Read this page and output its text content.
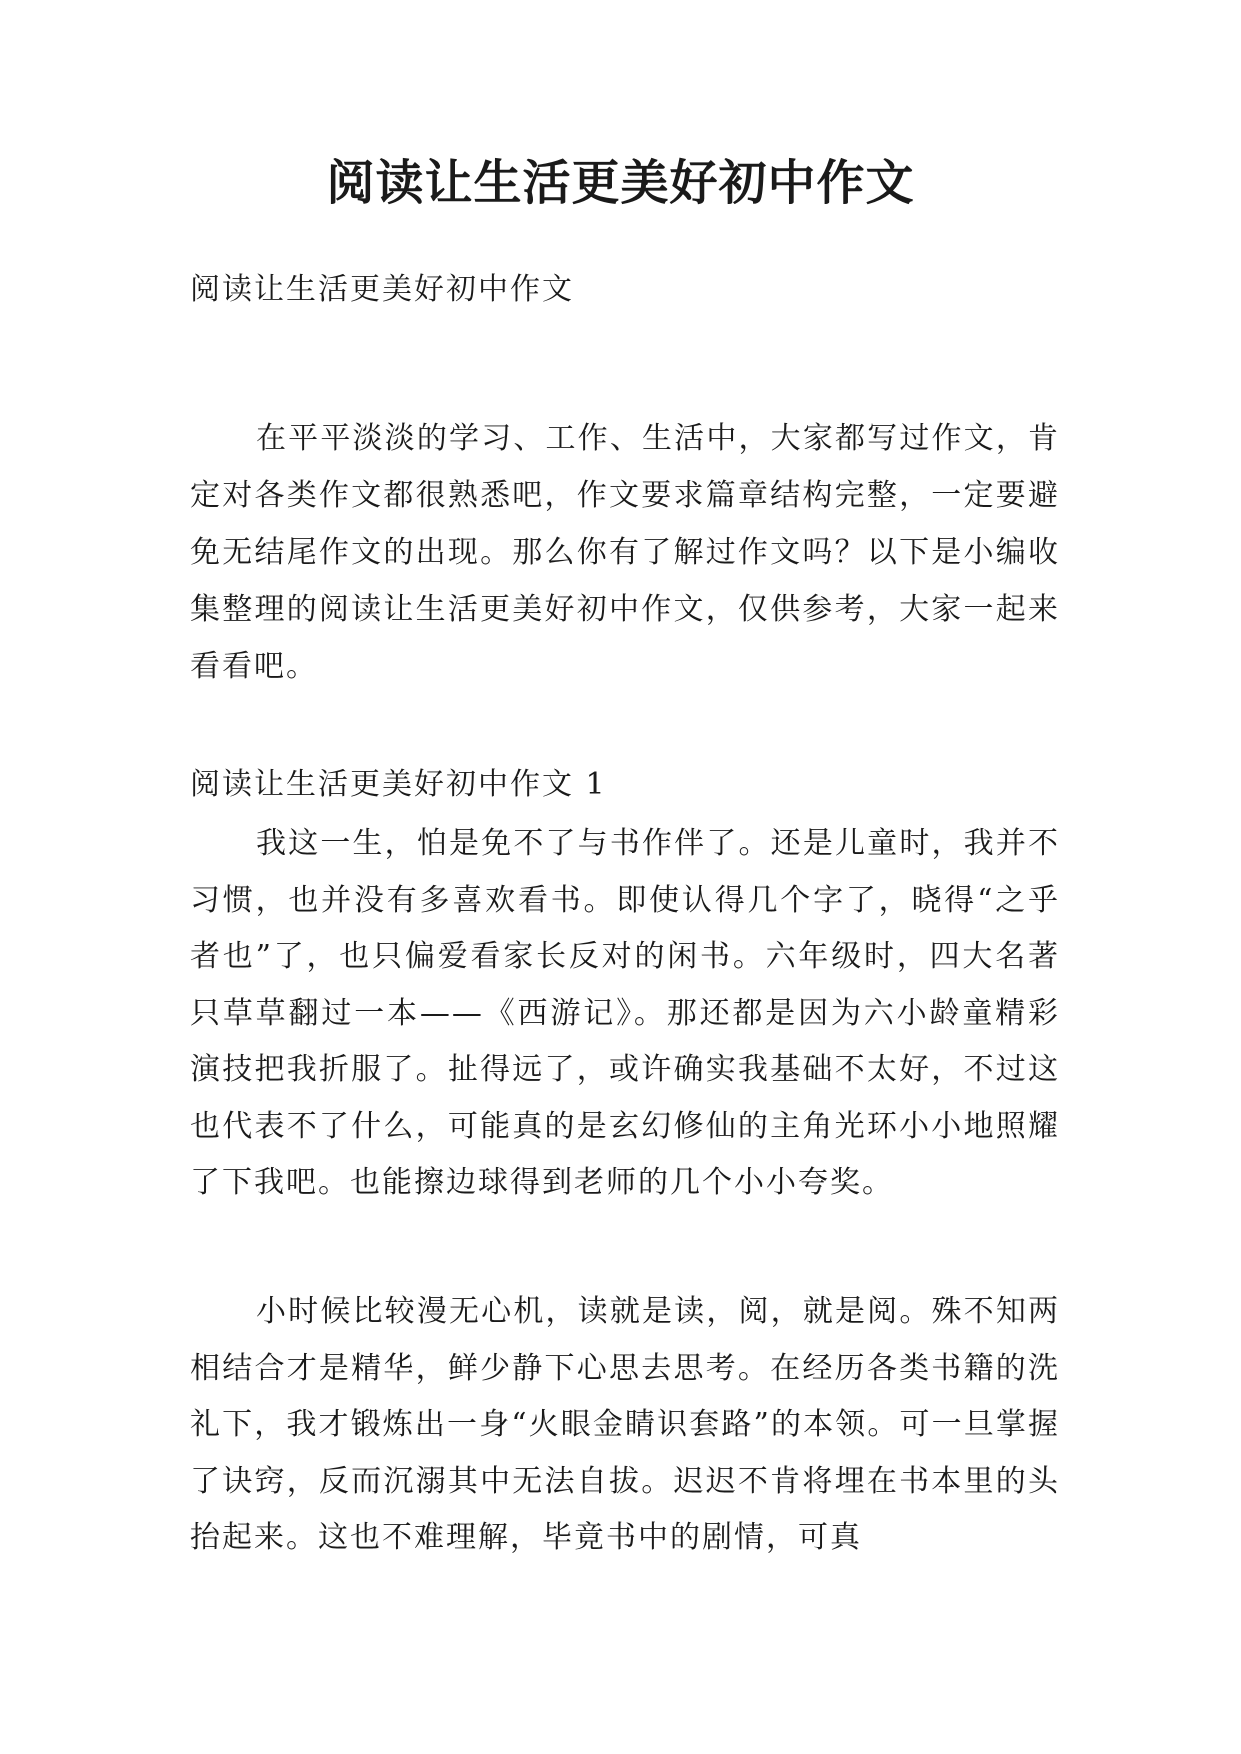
阅读让生活更美好初中作文

阅读让生活更美好初中作文

在平平淡淡的学习、工作、生活中，大家都写过作文，肯定对各类作文都很熟悉吧，作文要求篇章结构完整，一定要避免无结尾作文的出现。那么你有了解过作文吗？以下是小编收集整理的阅读让生活更美好初中作文，仅供参考，大家一起来看看吧。

阅读让生活更美好初中作文 1

我这一生，怕是免不了与书作伴了。还是儿童时，我并不习惯，也并没有多喜欢看书。即使认得几个字了，晓得“之乎者也”了，也只偏爱看家长反对的闲书。六年级时，四大名著只草草翻过一本——《西游记》。那还都是因为六小龄童精彩演技把我折服了。扯得远了，或许确实我基础不太好，不过这也代表不了什么，可能真的是玄幻修仙的主角光环小小地照耀了下我吧。也能擦边球得到老师的几个小小夸奖。

小时候比较漫无心机，读就是读，阅，就是阅。殊不知两相结合才是精华，鲜少静下心思去思考。在经历各类书籍的洗礼下，我才锻炼出一身“火眼金睛识套路”的本领。可一旦掌握了诀窍，反而沉溺其中无法自拔。迟迟不肯将埋在书本里的头抬起来。这也不难理解，毕竟书中的剧情，可真
